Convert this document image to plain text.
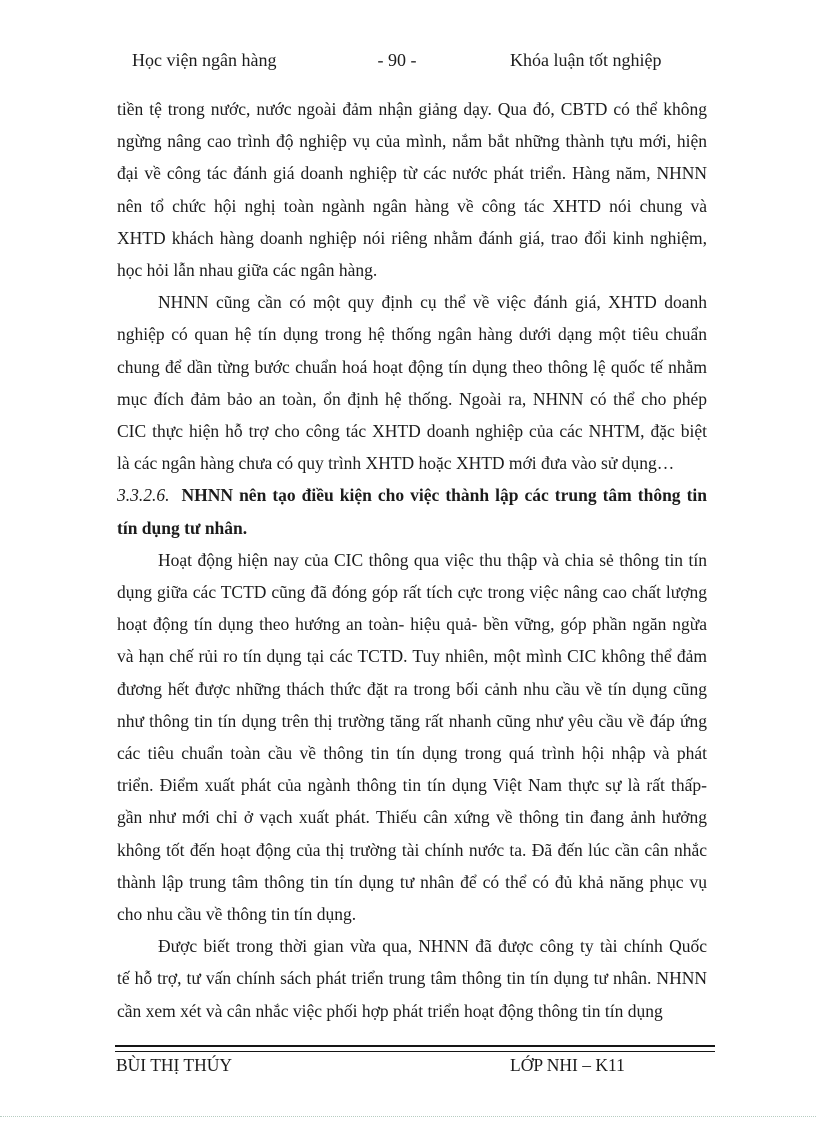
Học viện ngân hàng	- 90 -	Khóa luận tốt nghiệp
tiền tệ trong nước, nước ngoài đảm nhận giảng dạy. Qua đó, CBTD có thể không
ngừng nâng cao trình độ nghiệp vụ của mình, nắm bắt những thành tựu mới, hiện
đại về công tác đánh giá doanh nghiệp từ các nước phát triển. Hàng năm, NHNN
nên tổ chức hội nghị toàn ngành ngân hàng về công tác XHTD nói chung và
XHTD khách hàng doanh nghiệp nói riêng nhằm đánh giá, trao đổi kinh nghiệm,
học hỏi lẫn nhau giữa các ngân hàng.
NHNN cũng cần có một quy định cụ thể về việc đánh giá, XHTD doanh
nghiệp có quan hệ tín dụng trong hệ thống ngân hàng dưới dạng một tiêu chuẩn
chung để dần từng bước chuẩn hoá hoạt động tín dụng theo thông lệ quốc tế nhằm
mục đích đảm bảo an toàn, ổn định hệ thống. Ngoài ra, NHNN có thể cho phép
CIC thực hiện hỗ trợ cho công tác XHTD doanh nghiệp của các NHTM, đặc biệt
là các ngân hàng chưa có quy trình XHTD hoặc XHTD mới đưa vào sử dụng…
3.3.2.6.  NHNN nên tạo điều kiện cho việc thành lập các trung tâm thông tin
tín dụng tư nhân.
Hoạt động hiện nay của CIC thông qua việc thu thập và chia sẻ thông tin tín
dụng giữa các TCTD cũng đã đóng góp rất tích cực trong việc nâng cao chất lượng
hoạt động tín dụng theo hướng an toàn- hiệu quả- bền vững, góp phần ngăn ngừa
và hạn chế rủi ro tín dụng tại các TCTD. Tuy nhiên, một mình CIC không thể đảm
đương hết được những thách thức đặt ra trong bối cảnh nhu cầu về tín dụng cũng
như thông tin tín dụng trên thị trường tăng rất nhanh cũng như yêu cầu về đáp ứng
các tiêu chuẩn toàn cầu về thông tin tín dụng trong quá trình hội nhập và phát
triển. Điểm xuất phát của ngành thông tin tín dụng Việt Nam thực sự là rất thấp-
gần như mới chỉ ở vạch xuất phát. Thiếu cân xứng về thông tin đang ảnh hưởng
không tốt đến hoạt động của thị trường tài chính nước ta. Đã đến lúc cần cân nhắc
thành lập trung tâm thông tin tín dụng tư nhân để có thể có đủ khả năng phục vụ
cho nhu cầu về thông tin tín dụng.
Được biết trong thời gian vừa qua, NHNN đã được công ty tài chính Quốc
tế hỗ trợ, tư vấn chính sách phát triển trung tâm thông tin tín dụng tư nhân. NHNN
cần xem xét và cân nhắc việc phối hợp phát triển hoạt động thông tin tín dụng
BÙI THỊ THÚY	LỚP NHI – K11
